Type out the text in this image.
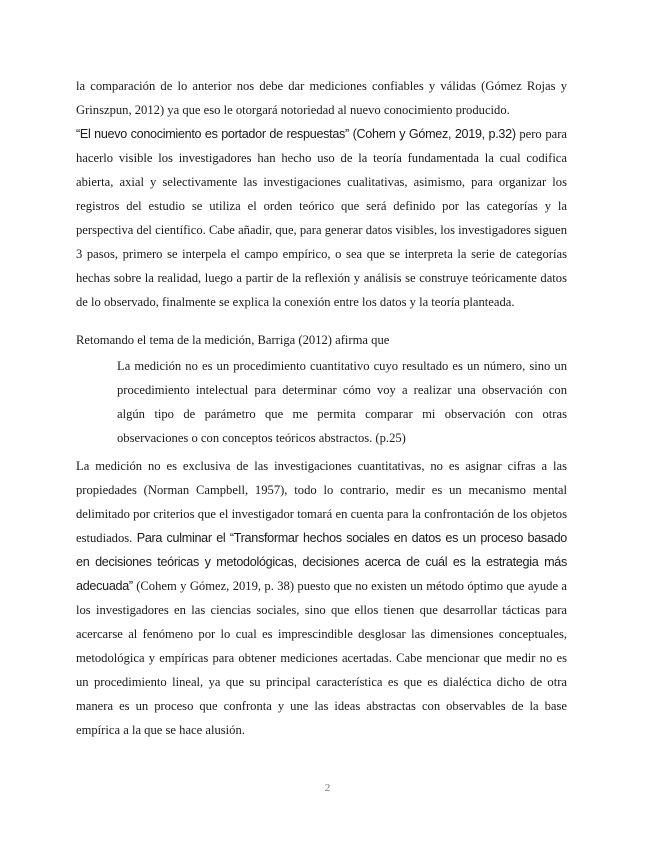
la comparación de lo anterior nos debe dar mediciones confiables y válidas (Gómez Rojas y Grinszpun, 2012) ya que eso le otorgará notoriedad al nuevo conocimiento producido.

“El nuevo conocimiento es portador de respuestas” (Cohem y Gómez, 2019, p.32) pero para hacerlo visible los investigadores han hecho uso de la teoría fundamentada la cual codifica abierta, axial y selectivamente las investigaciones cualitativas, asimismo, para organizar los registros del estudio se utiliza el orden teórico que será definido por las categorías y la perspectiva del científico. Cabe añadir, que, para generar datos visibles, los investigadores siguen 3 pasos, primero se interpela el campo empírico, o sea que se interpreta la serie de categorías hechas sobre la realidad, luego a partir de la reflexión y análisis se construye teóricamente datos de lo observado, finalmente se explica la conexión entre los datos y la teoría planteada.

Retomando el tema de la medición, Barriga (2012) afirma que

La medición no es un procedimiento cuantitativo cuyo resultado es un número, sino un procedimiento intelectual para determinar cómo voy a realizar una observación con algún tipo de parámetro que me permita comparar mi observación con otras observaciones o con conceptos teóricos abstractos. (p.25)

La medición no es exclusiva de las investigaciones cuantitativas, no es asignar cifras a las propiedades (Norman Campbell, 1957), todo lo contrario, medir es un mecanismo mental delimitado por criterios que el investigador tomará en cuenta para la confrontación de los objetos estudiados. Para culminar el “Transformar hechos sociales en datos es un proceso basado en decisiones teóricas y metodológicas, decisiones acerca de cuál es la estrategia más adecuada” (Cohem y Gómez, 2019, p. 38) puesto que no existen un método óptimo que ayude a los investigadores en las ciencias sociales, sino que ellos tienen que desarrollar tácticas para acercarse al fenómeno por lo cual es imprescindible desglosar las dimensiones conceptuales, metodológica y empíricas para obtener mediciones acertadas. Cabe mencionar que medir no es un procedimiento lineal, ya que su principal característica es que es dialéctica dicho de otra manera es un proceso que confronta y une las ideas abstractas con observables de la base empírica a la que se hace alusión.

2
